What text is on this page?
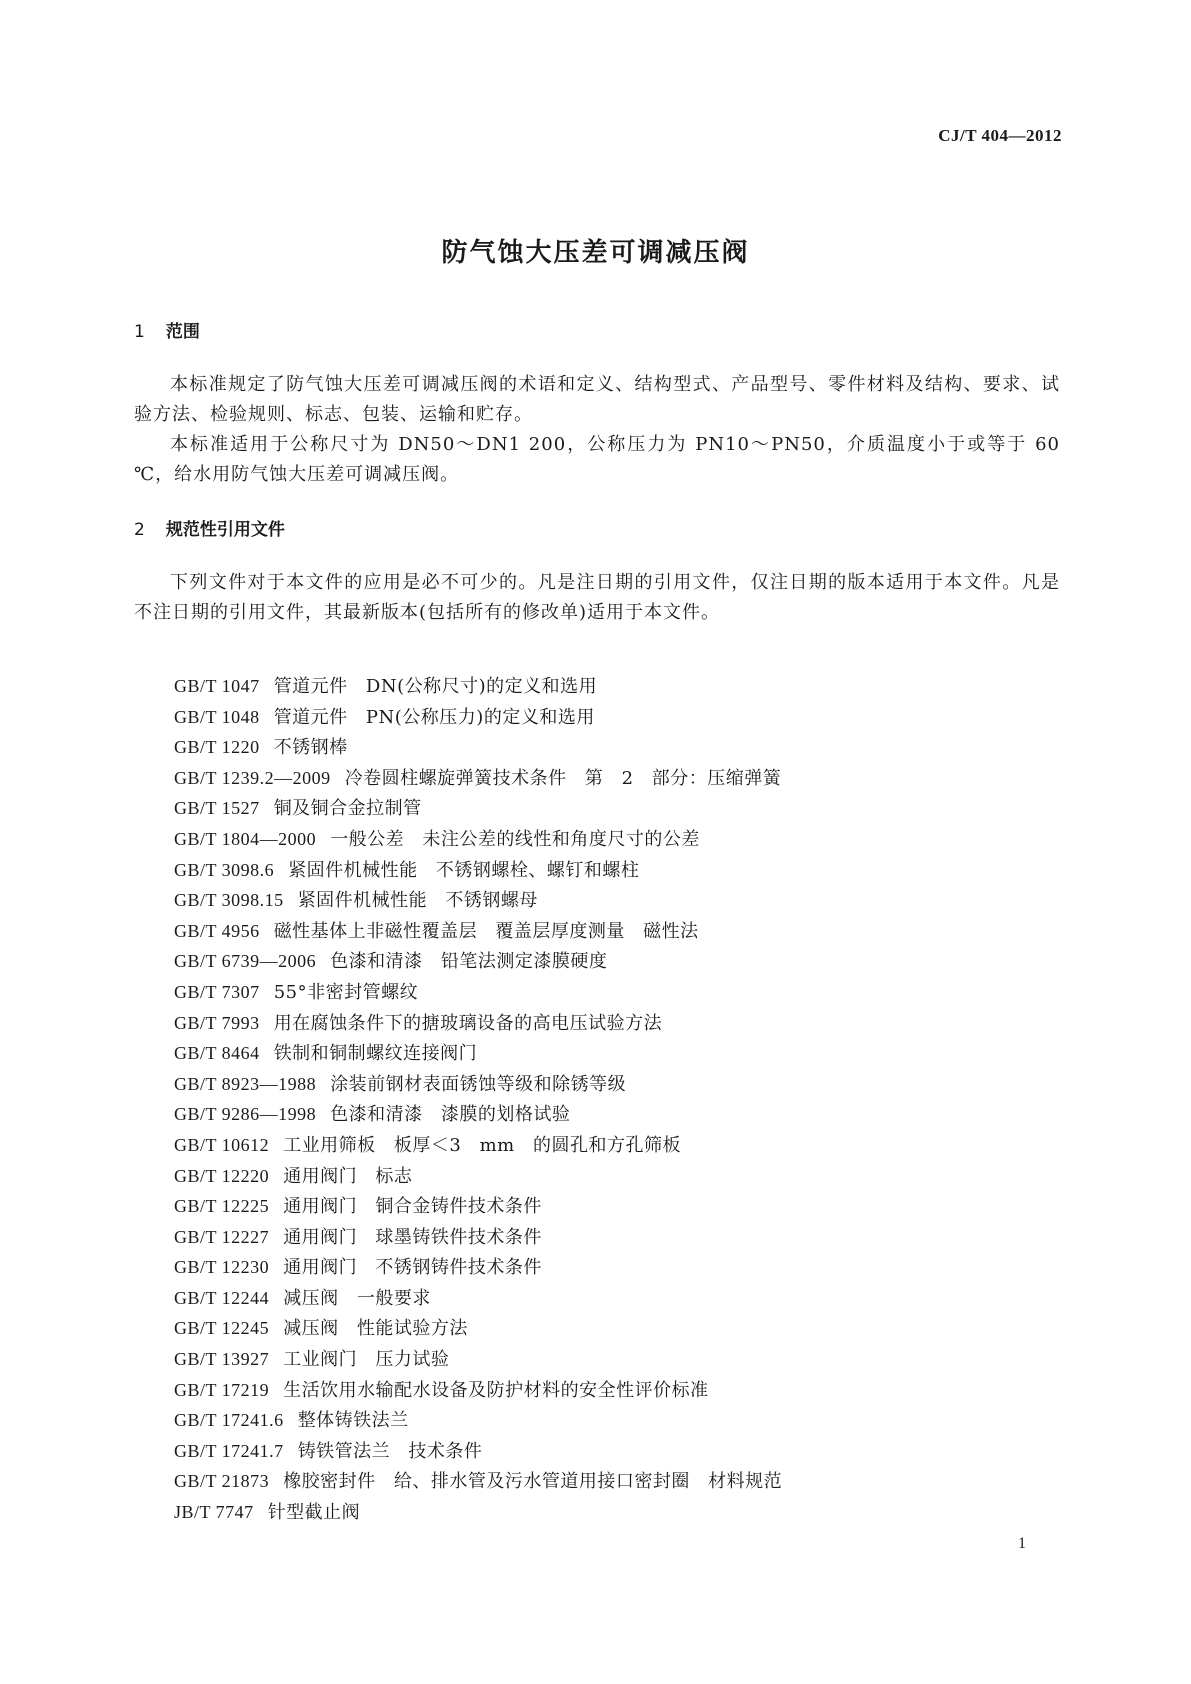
CJ/T 404—2012
防气蚀大压差可调减压阀
1 范围
本标准规定了防气蚀大压差可调减压阀的术语和定义、结构型式、产品型号、零件材料及结构、要求、试验方法、检验规则、标志、包装、运输和贮存。
本标准适用于公称尺寸为 DN50～DN1 200，公称压力为 PN10～PN50，介质温度小于或等于 60 ℃，给水用防气蚀大压差可调减压阀。
2 规范性引用文件
下列文件对于本文件的应用是必不可少的。凡是注日期的引用文件，仅注日期的版本适用于本文件。凡是不注日期的引用文件，其最新版本(包括所有的修改单)适用于本文件。
GB/T 1047 管道元件 DN(公称尺寸)的定义和选用
GB/T 1048 管道元件 PN(公称压力)的定义和选用
GB/T 1220 不锈钢棒
GB/T 1239.2—2009 冷卷圆柱螺旋弹簧技术条件 第 2 部分：压缩弹簧
GB/T 1527 铜及铜合金拉制管
GB/T 1804—2000 一般公差 未注公差的线性和角度尺寸的公差
GB/T 3098.6 紧固件机械性能 不锈钢螺栓、螺钉和螺柱
GB/T 3098.15 紧固件机械性能 不锈钢螺母
GB/T 4956 磁性基体上非磁性覆盖层 覆盖层厚度测量 磁性法
GB/T 6739—2006 色漆和清漆 铅笔法测定漆膜硬度
GB/T 7307 55°非密封管螺纹
GB/T 7993 用在腐蚀条件下的搪玻璃设备的高电压试验方法
GB/T 8464 铁制和铜制螺纹连接阀门
GB/T 8923—1988 涂装前钢材表面锈蚀等级和除锈等级
GB/T 9286—1998 色漆和清漆 漆膜的划格试验
GB/T 10612 工业用筛板 板厚＜3 mm 的圆孔和方孔筛板
GB/T 12220 通用阀门 标志
GB/T 12225 通用阀门 铜合金铸件技术条件
GB/T 12227 通用阀门 球墨铸铁件技术条件
GB/T 12230 通用阀门 不锈钢铸件技术条件
GB/T 12244 减压阀 一般要求
GB/T 12245 减压阀 性能试验方法
GB/T 13927 工业阀门 压力试验
GB/T 17219 生活饮用水输配水设备及防护材料的安全性评价标准
GB/T 17241.6 整体铸铁法兰
GB/T 17241.7 铸铁管法兰 技术条件
GB/T 21873 橡胶密封件 给、排水管及污水管道用接口密封圈 材料规范
JB/T 7747 针型截止阀
1
